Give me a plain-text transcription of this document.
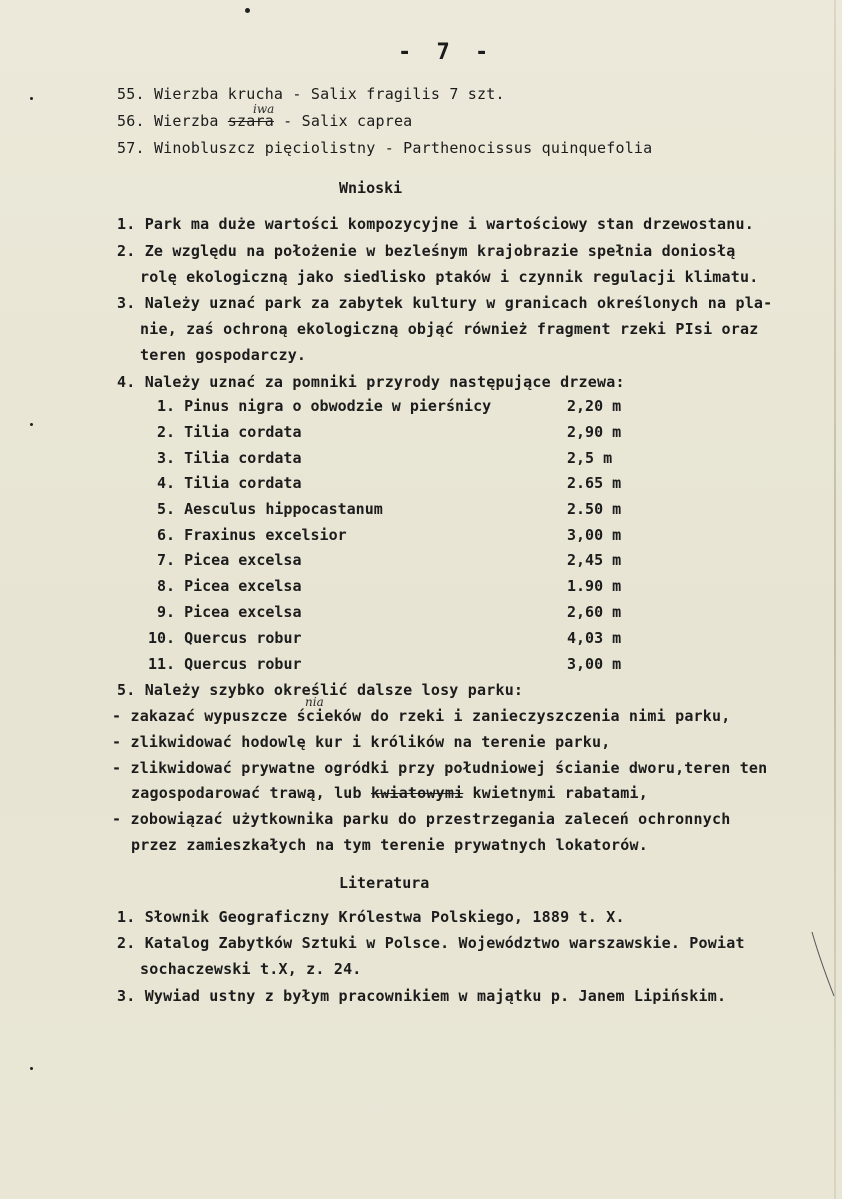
- 7 -
55. Wierzba krucha - Salix fragilis 7 szt.
iwa
56. Wierzba szara - Salix caprea
57. Winobluszcz pięciolistny - Parthenocissus quinquefolia
Wnioski
1. Park ma duże wartości kompozycyjne i wartościowy stan drzewostanu.
2. Ze względu na położenie w bezleśnym krajobrazie spełnia doniosłą
rolę ekologiczną jako siedlisko ptaków i czynnik regulacji klimatu.
3. Należy uznać park za zabytek kultury w granicach określonych na pla-
nie, zaś ochroną ekologiczną objąć również fragment rzeki PIsi oraz
teren gospodarczy.
4. Należy uznać za pomniki przyrody następujące drzewa:
1. Pinus nigra o obwodzie w pierśnicy	2,20 m
2. Tilia cordata	2,90 m
3. Tilia cordata	2,5 m
4. Tilia cordata	2.65 m
5. Aesculus hippocastanum	2.50 m
6. Fraxinus excelsior	3,00 m
7. Picea excelsa	2,45 m
8. Picea excelsa	1.90 m
9. Picea excelsa	2,60 m
10. Quercus robur	4,03 m
11. Quercus robur	3,00 m
5. Należy szybko określić dalsze losy parku:
nia
- zakazać wypuszcze ścieków do rzeki i zanieczyszczenia nimi parku,
- zlikwidować hodowlę kur i królików na terenie parku,
- zlikwidować prywatne ogródki przy południowej ścianie dworu,teren ten
zagospodarować trawą, lub kwiatowymi kwietnymi rabatami,
- zobowiązać użytkownika parku do przestrzegania zaleceń ochronnych
przez zamieszkałych na tym terenie prywatnych lokatorów.
Literatura
1. Słownik Geograficzny Królestwa Polskiego, 1889 t. X.
2. Katalog Zabytków Sztuki w Polsce. Województwo warszawskie. Powiat
sochaczewski t.X, z. 24.
3. Wywiad ustny z byłym pracownikiem w majątku p. Janem Lipińskim.
